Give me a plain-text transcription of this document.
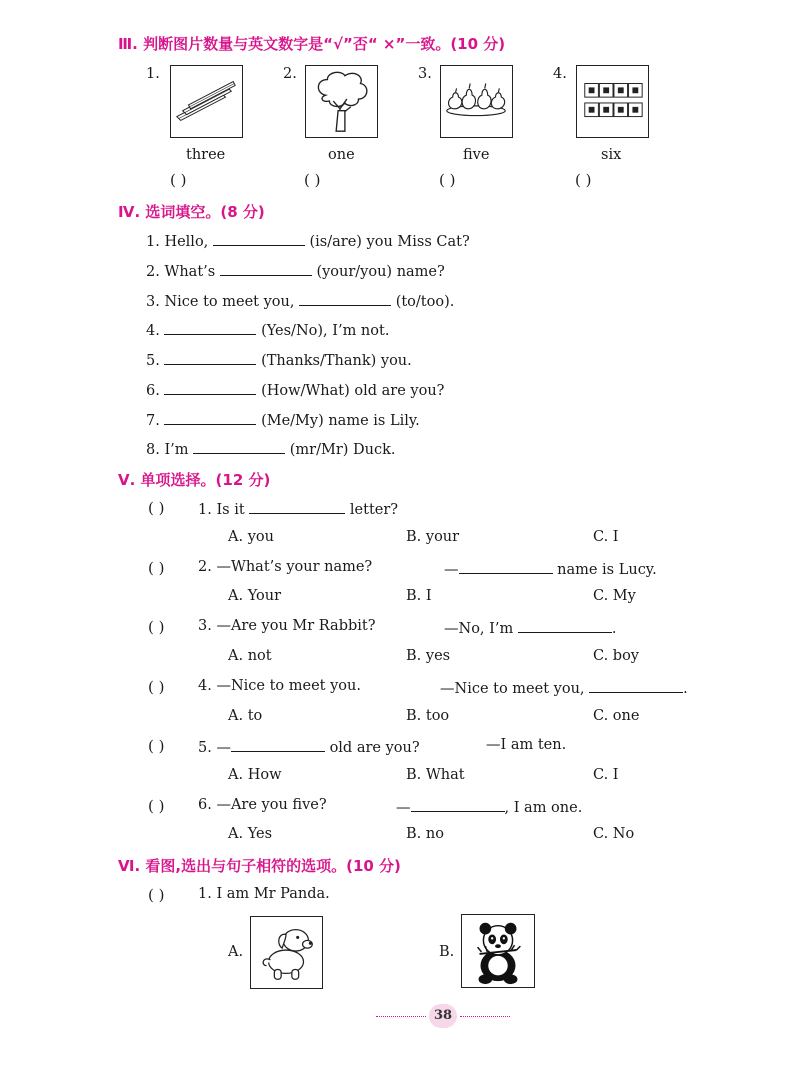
Ⅲ. 判断图片数量与英文数字是“√”否“ ×”一致。(10 分)
1.
three
( )
2.
one
( )
3.
five
( )
4.
six
( )
Ⅳ. 选词填空。(8 分)
1. Hello,	(is/are) you Miss Cat?
2. What’s	(your/you) name?
3. Nice to meet you,	(to/too).
4.	(Yes/No), I’m not.
5.	(Thanks/Thank) you.
6.	(How/What) old are you?
7.	(Me/My) name is Lily.
8. I’m	(mr/Mr) Duck.
Ⅴ. 单项选择。(12 分)
( ) 1. Is it	letter?
A. you	B. your	C. I
( ) 2. —What’s your name?	—	name is Lucy.
A. Your	B. I	C. My
( ) 3. —Are you Mr Rabbit?	—No, I’m	.
A. not	B. yes	C. boy
( ) 4. —Nice to meet you.	—Nice to meet you,	.
A. to	B. too	C. one
( ) 5. —	old are you?	—I am ten.
A. How	B. What	C. I
( ) 6. —Are you five?	—	, I am one.
A. Yes	B. no	C. No
Ⅵ. 看图,选出与句子相符的选项。(10 分)
( ) 1. I am Mr Panda.
A.	B.
38
